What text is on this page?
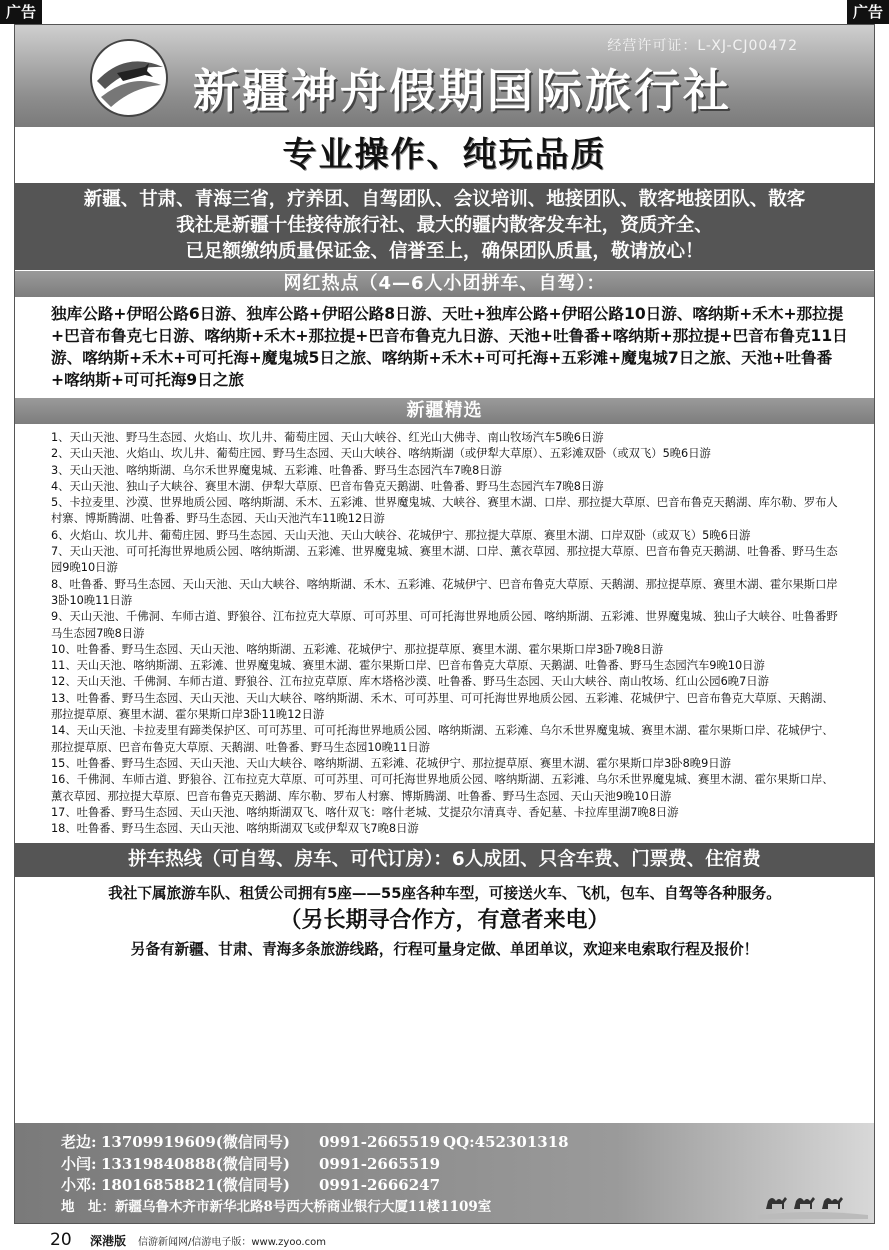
广告	广告
经营许可证：L-XJ-CJ00472
新疆神舟假期国际旅行社
专业操作、纯玩品质
新疆、甘肃、青海三省，疗养团、自驾团队、会议培训、地接团队、散客地接团队、散客
我社是新疆十佳接待旅行社、最大的疆内散客发车社，资质齐全、
已足额缴纳质量保证金、信誉至上，确保团队质量，敬请放心！
网红热点（4—6人小团拼车、自驾）：
独库公路+伊昭公路6日游、独库公路+伊昭公路8日游、天吐+独库公路+伊昭公路10日游、喀纳斯+禾木+那拉提+巴音布鲁克七日游、喀纳斯+禾木+那拉提+巴音布鲁克九日游、天池+吐鲁番+喀纳斯+那拉提+巴音布鲁克11日游、喀纳斯+禾木+可可托海+魔鬼城5日之旅、喀纳斯+禾木+可可托海+五彩滩+魔鬼城7日之旅、天池+吐鲁番+喀纳斯+可可托海9日之旅
新疆精选
1、天山天池、野马生态园、火焰山、坎儿井、葡萄庄园、天山大峡谷、红光山大佛寺、南山牧场汽车5晚6日游
2、天山天池、火焰山、坎儿井、葡萄庄园、野马生态园、天山大峡谷、喀纳斯湖（或伊犁大草原）、五彩滩双卧（或双飞）5晚6日游
3、天山天池、喀纳斯湖、乌尔禾世界魔鬼城、五彩滩、吐鲁番、野马生态园汽车7晚8日游
4、天山天池、独山子大峡谷、赛里木湖、伊犁大草原、巴音布鲁克天鹅湖、吐鲁番、野马生态园汽车7晚8日游
5、卡拉麦里、沙漠、世界地质公园、喀纳斯湖、禾木、五彩滩、世界魔鬼城、大峡谷、赛里木湖、口岸、那拉提大草原、巴音布鲁克天鹅湖、库尔勒、罗布人村寨、博斯腾湖、吐鲁番、野马生态园、天山天池汽车11晚12日游
6、火焰山、坎儿井、葡萄庄园、野马生态园、天山天池、天山大峡谷、花城伊宁、那拉提大草原、赛里木湖、口岸双卧（或双飞）5晚6日游
7、天山天池、可可托海世界地质公园、喀纳斯湖、五彩滩、世界魔鬼城、赛里木湖、口岸、薰衣草园、那拉提大草原、巴音布鲁克天鹅湖、吐鲁番、野马生态园9晚10日游
8、吐鲁番、野马生态园、天山天池、天山大峡谷、喀纳斯湖、禾木、五彩滩、花城伊宁、巴音布鲁克大草原、天鹅湖、那拉提草原、赛里木湖、霍尔果斯口岸3卧10晚11日游
9、天山天池、千佛洞、车师古道、野狼谷、江布拉克大草原、可可苏里、可可托海世界地质公园、喀纳斯湖、五彩滩、世界魔鬼城、独山子大峡谷、吐鲁番野马生态园7晚8日游
10、吐鲁番、野马生态园、天山天池、喀纳斯湖、五彩滩、花城伊宁、那拉提草原、赛里木湖、霍尔果斯口岸3卧7晚8日游
11、天山天池、喀纳斯湖、五彩滩、世界魔鬼城、赛里木湖、霍尔果斯口岸、巴音布鲁克大草原、天鹅湖、吐鲁番、野马生态园汽车9晚10日游
12、天山天池、千佛洞、车师古道、野狼谷、江布拉克草原、库木塔格沙漠、吐鲁番、野马生态园、天山大峡谷、南山牧场、红山公园6晚7日游
13、吐鲁番、野马生态园、天山天池、天山大峡谷、喀纳斯湖、禾木、可可苏里、可可托海世界地质公园、五彩滩、花城伊宁、巴音布鲁克大草原、天鹅湖、那拉提草原、赛里木湖、霍尔果斯口岸3卧11晚12日游
14、天山天池、卡拉麦里有蹄类保护区、可可苏里、可可托海世界地质公园、喀纳斯湖、五彩滩、乌尔禾世界魔鬼城、赛里木湖、霍尔果斯口岸、花城伊宁、那拉提草原、巴音布鲁克大草原、天鹅湖、吐鲁番、野马生态园10晚11日游
15、吐鲁番、野马生态园、天山天池、天山大峡谷、喀纳斯湖、五彩滩、花城伊宁、那拉提草原、赛里木湖、霍尔果斯口岸3卧8晚9日游
16、千佛洞、车师古道、野狼谷、江布拉克大草原、可可苏里、可可托海世界地质公园、喀纳斯湖、五彩滩、乌尔禾世界魔鬼城、赛里木湖、霍尔果斯口岸、薰衣草园、那拉提大草原、巴音布鲁克天鹅湖、库尔勒、罗布人村寨、博斯腾湖、吐鲁番、野马生态园、天山天池9晚10日游
17、吐鲁番、野马生态园、天山天池、喀纳斯湖双飞、喀什双飞：喀什老城、艾提尕尔清真寺、香妃墓、卡拉库里湖7晚8日游
18、吐鲁番、野马生态园、天山天池、喀纳斯湖双飞或伊犁双飞7晚8日游
拼车热线（可自驾、房车、可代订房）：6人成团、只含车费、门票费、住宿费
我社下属旅游车队、租赁公司拥有5座——55座各种车型，可接送火车、飞机，包车、自驾等各种服务。
（另长期寻合作方，有意者来电）
另备有新疆、甘肃、青海多条旅游线路，行程可量身定做、单团单议，欢迎来电索取行程及报价！
老边: 13709919609(微信同号) 0991-2665519 QQ:452301318
小闫: 13319840888(微信同号) 0991-2665519
小邓: 18016858821(微信同号) 0991-2666247
地　址：新疆乌鲁木齐市新华北路8号西大桥商业银行大厦11楼1109室
20 深港版 信游新闻网/信游电子版：www.zyoo.com
